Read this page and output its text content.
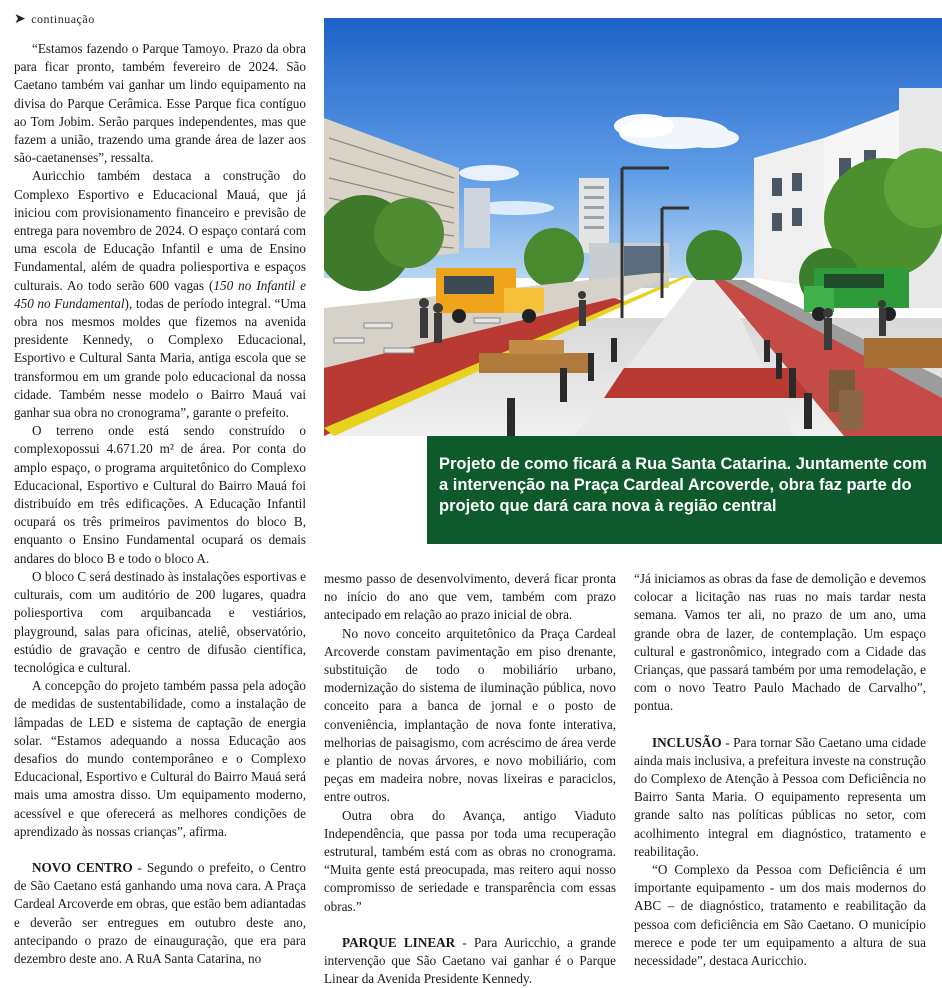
➤ continuação

“Estamos fazendo o Parque Tamoyo. Prazo da obra para ficar pronto, também fevereiro de 2024. São Caetano também vai ganhar um lindo equipamento na divisa do Parque Cerâmica. Esse Parque fica contíguo ao Tom Jobim. Serão parques independentes, mas que fazem a união, trazendo uma grande área de lazer aos são-caetanenses”, ressalta.

Auricchio também destaca a construção do Complexo Esportivo e Educacional Mauá, que já iniciou com provisionamento financeiro e previsão de entrega para novembro de 2024. O espaço contará com uma escola de Educação Infantil e uma de Ensino Fundamental, além de quadra poliesportiva e espaços culturais. Ao todo serão 600 vagas (150 no Infantil e 450 no Fundamental), todas de período integral. “Uma obra nos mesmos moldes que fizemos na avenida presidente Kennedy, o Complexo Educacional, Esportivo e Cultural Santa Maria, antiga escola que se transformou em um grande polo educacional da nossa cidade. Também nesse modelo o Bairro Mauá vai ganhar sua obra no cronograma”, garante o prefeito.

O terreno onde está sendo construído o complexopossui 4.671.20 m² de área. Por conta do amplo espaço, o programa arquitetônico do Complexo Educacional, Esportivo e Cultural do Bairro Mauá foi distribuído em três edificações. A Educação Infantil ocupará os três primeiros pavimentos do bloco B, enquanto o Ensino Fundamental ocupará os demais andares do bloco B e todo o bloco A.

O bloco C será destinado às instalações esportivas e culturais, com um auditório de 200 lugares, quadra poliesportiva com arquibancada e vestiários, playground, salas para oficinas, ateliê, observatório, estúdio de gravação e centro de difusão científica, tecnológica e cultural.

A concepção do projeto também passa pela adoção de medidas de sustentabilidade, como a instalação de lâmpadas de LED e sistema de captação de energia solar. “Estamos adequando a nossa Educação aos desafios do mundo contemporâneo e o Complexo Educacional, Esportivo e Cultural do Bairro Mauá será mais uma amostra disso. Um equipamento moderno, acessível e que oferecerá as melhores condições de aprendizado às nossas crianças”, afirma.

NOVO CENTRO - Segundo o prefeito, o Centro de São Caetano está ganhando uma nova cara. A Praça Cardeal Arcoverde em obras, que estão bem adiantadas e deverão ser entregues em outubro deste ano, antecipando o prazo de einauguração, que era para dezembro deste ano. A RuA Santa Catarina, no

Projeto de como ficará a Rua Santa Catarina. Juntamente com a intervenção na Praça Cardeal Arcoverde, obra faz parte do projeto que dará cara nova à região central

mesmo passo de desenvolvimento, deverá ficar pronta no início do ano que vem, também com prazo antecipado em relação ao prazo inicial de obra.

No novo conceito arquitetônico da Praça Cardeal Arcoverde constam pavimentação em piso drenante, substituição de todo o mobiliário urbano, modernização do sistema de iluminação pública, novo conceito para a banca de jornal e o posto de conveniência, implantação de nova fonte interativa, melhorias de paisagismo, com acréscimo de área verde e plantio de novas árvores, e novo mobiliário, com peças em madeira nobre, novas lixeiras e paraciclos, entre outros.

Outra obra do Avança, antigo Viaduto Independência, que passa por toda uma recuperação estrutural, também está com as obras no cronograma. “Muita gente está preocupada, mas reitero aqui nosso compromisso de seriedade e transparência com essas obras.”

PARQUE LINEAR - Para Auricchio, a grande intervenção que São Caetano vai ganhar é o Parque Linear da Avenida Presidente Kennedy.

“Já iniciamos as obras da fase de demolição e devemos colocar a licitação nas ruas no mais tardar nesta semana. Vamos ter ali, no prazo de um ano, uma grande obra de lazer, de contemplação. Um espaço cultural e gastronômico, integrado com a Cidade das Crianças, que passará também por uma remodelação, e com o novo Teatro Paulo Machado de Carvalho”, pontua.

INCLUSÃO - Para tornar São Caetano uma cidade ainda mais inclusiva, a prefeitura investe na construção do Complexo de Atenção à Pessoa com Deficiência no Bairro Santa Maria. O equipamento representa um grande salto nas políticas públicas no setor, com acolhimento integral em diagnóstico, tratamento e reabilitação.

“O Complexo da Pessoa com Deficiência é um importante equipamento - um dos mais modernos do ABC – de diagnóstico, tratamento e reabilitação da pessoa com deficiência em São Caetano. O município merece e pode ter um equipamento a altura de sua necessidade”, destaca Auricchio.
